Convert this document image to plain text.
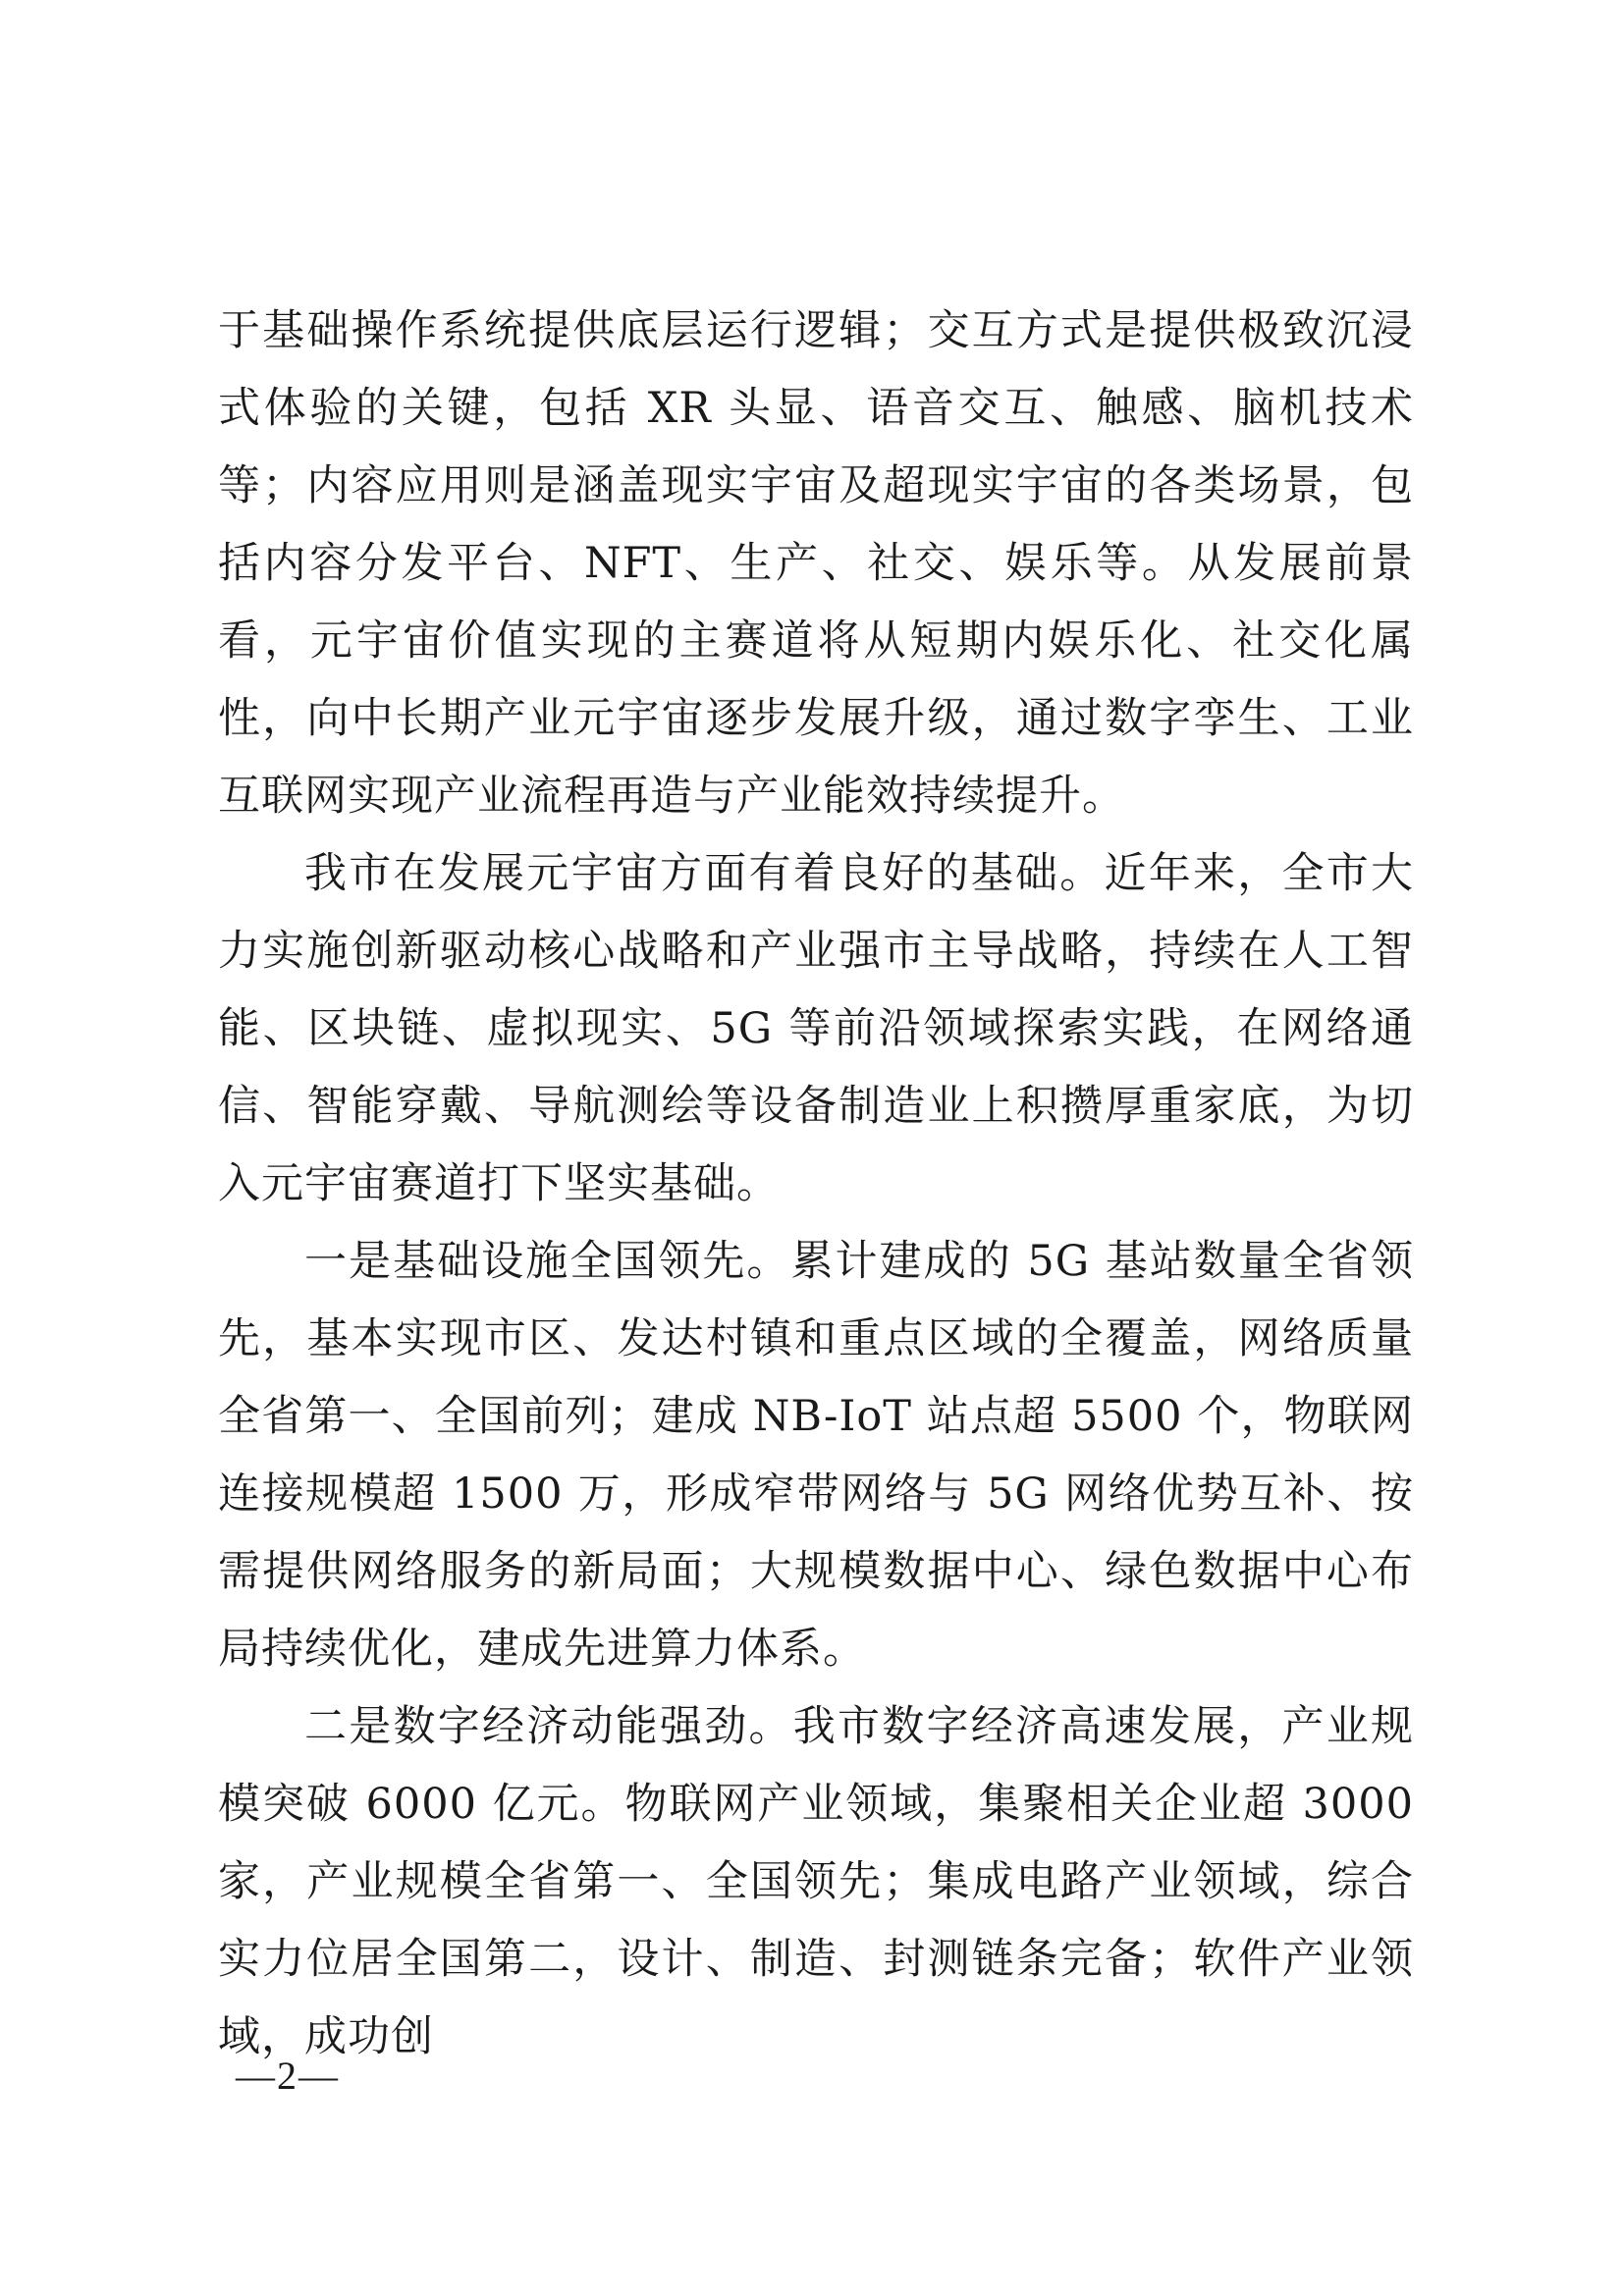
于基础操作系统提供底层运行逻辑；交互方式是提供极致沉浸式体验的关键，包括 XR 头显、语音交互、触感、脑机技术等；内容应用则是涵盖现实宇宙及超现实宇宙的各类场景，包括内容分发平台、NFT、生产、社交、娱乐等。从发展前景看，元宇宙价值实现的主赛道将从短期内娱乐化、社交化属性，向中长期产业元宇宙逐步发展升级，通过数字孪生、工业互联网实现产业流程再造与产业能效持续提升。

我市在发展元宇宙方面有着良好的基础。近年来，全市大力实施创新驱动核心战略和产业强市主导战略，持续在人工智能、区块链、虚拟现实、5G 等前沿领域探索实践，在网络通信、智能穿戴、导航测绘等设备制造业上积攒厚重家底，为切入元宇宙赛道打下坚实基础。

一是基础设施全国领先。累计建成的 5G 基站数量全省领先，基本实现市区、发达村镇和重点区域的全覆盖，网络质量全省第一、全国前列；建成 NB-IoT 站点超 5500 个，物联网连接规模超 1500 万，形成窄带网络与 5G 网络优势互补、按需提供网络服务的新局面；大规模数据中心、绿色数据中心布局持续优化，建成先进算力体系。

二是数字经济动能强劲。我市数字经济高速发展，产业规模突破 6000 亿元。物联网产业领域，集聚相关企业超 3000 家，产业规模全省第一、全国领先；集成电路产业领域，综合实力位居全国第二，设计、制造、封测链条完备；软件产业领域，成功创

—2—
